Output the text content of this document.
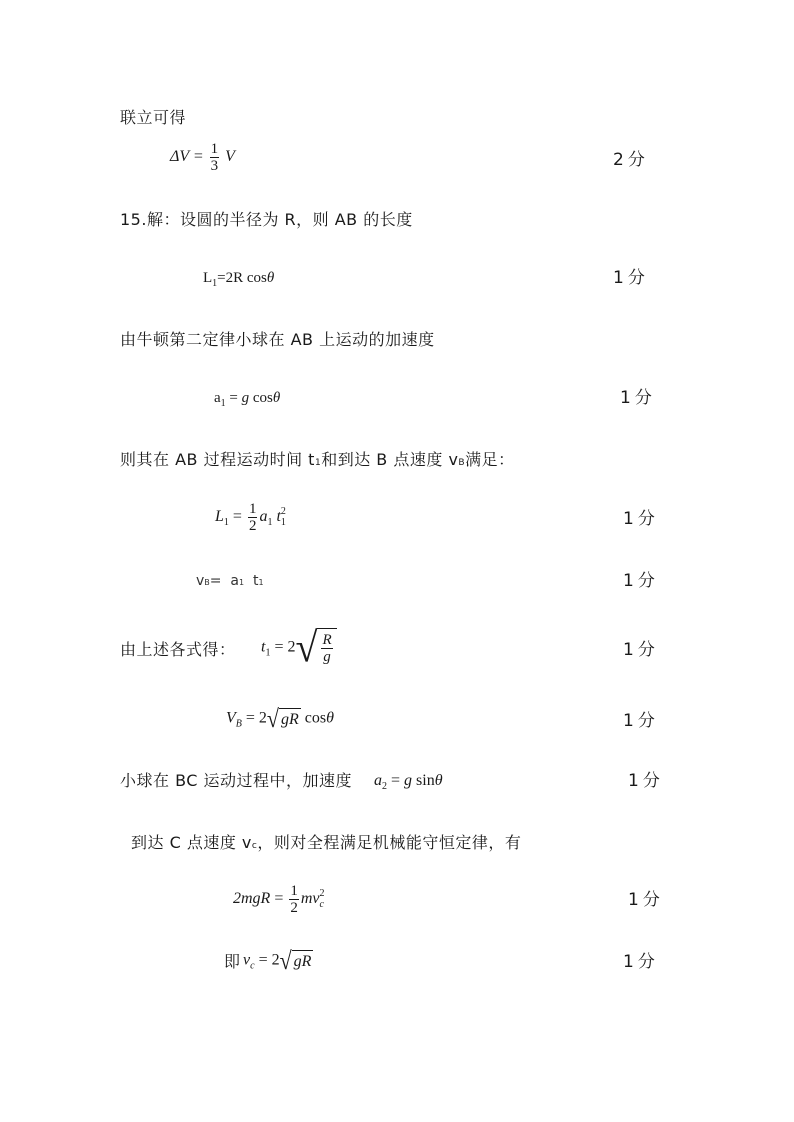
联立可得
$\Delta V = \frac{1}{3}$ V	2分
15.解：设圆的半径为 R，则 AB 的长度
$L_1=2R$ cosθ	1分
由牛顿第二定律小球在 AB 上运动的加速度
$a_1 = g$ cosθ	1分
则其在 AB 过程运动时间 t1和到达 B 点速度 vB满足：
$L_1 = \frac{1}{2} a_1$ t 2
1	1分
vB=  a1  t1	1分
由上述各式得：	$t_1 = 2$ √ $\frac{R}{g}$	1分
$V_B = 2$ √ gR cosθ	1分
小球在 BC 运动过程中，加速度	$a_2 = g$ sinθ	1分
到达 C 点速度 vc，则对全程满足机械能守恒定律，有
$2mgR = \frac{1}{2}$ mv 2
c	1分
即 $v_c = 2$ √ gR	1分
